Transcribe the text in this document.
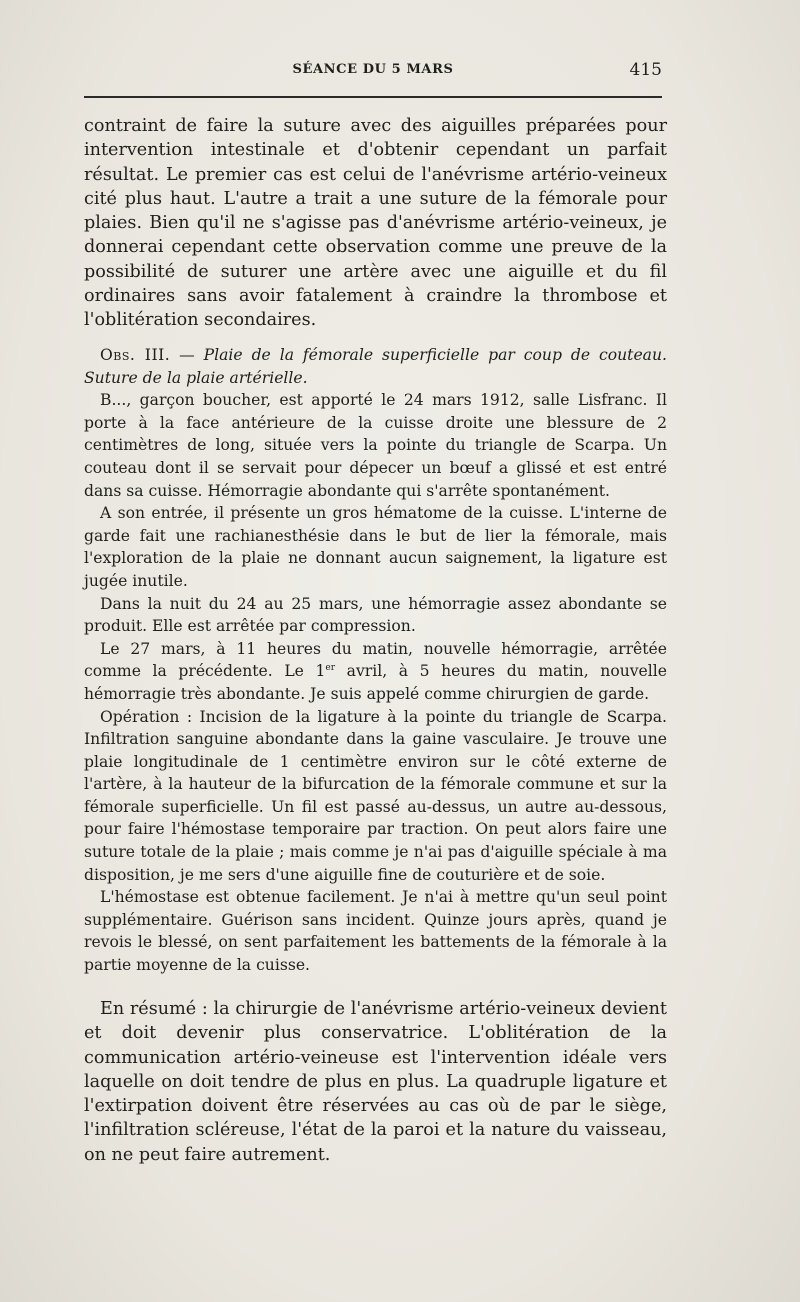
SÉANCE DU 5 MARS	415

contraint de faire la suture avec des aiguilles préparées pour intervention intestinale et d'obtenir cependant un parfait résultat. Le premier cas est celui de l'anévrisme artério-veineux cité plus haut. L'autre a trait a une suture de la fémorale pour plaies. Bien qu'il ne s'agisse pas d'anévrisme artério-veineux, je donnerai cependant cette observation comme une preuve de la possibilité de suturer une artère avec une aiguille et du fil ordinaires sans avoir fatalement à craindre la thrombose et l'oblitération secondaires.

Obs. III. — Plaie de la fémorale superficielle par coup de couteau. Suture de la plaie artérielle.

B..., garçon boucher, est apporté le 24 mars 1912, salle Lisfranc. Il porte à la face antérieure de la cuisse droite une blessure de 2 centimètres de long, située vers la pointe du triangle de Scarpa. Un couteau dont il se servait pour dépecer un bœuf a glissé et est entré dans sa cuisse. Hémorragie abondante qui s'arrête spontanément.

A son entrée, il présente un gros hématome de la cuisse. L'interne de garde fait une rachianesthésie dans le but de lier la fémorale, mais l'exploration de la plaie ne donnant aucun saignement, la ligature est jugée inutile.

Dans la nuit du 24 au 25 mars, une hémorragie assez abondante se produit. Elle est arrêtée par compression.

Le 27 mars, à 11 heures du matin, nouvelle hémorragie, arrêtée comme la précédente. Le 1er avril, à 5 heures du matin, nouvelle hémorragie très abondante. Je suis appelé comme chirurgien de garde.

Opération : Incision de la ligature à la pointe du triangle de Scarpa. Infiltration sanguine abondante dans la gaine vasculaire. Je trouve une plaie longitudinale de 1 centimètre environ sur le côté externe de l'artère, à la hauteur de la bifurcation de la fémorale commune et sur la fémorale superficielle. Un fil est passé au-dessus, un autre au-dessous, pour faire l'hémostase temporaire par traction. On peut alors faire une suture totale de la plaie ; mais comme je n'ai pas d'aiguille spéciale à ma disposition, je me sers d'une aiguille fine de couturière et de soie.

L'hémostase est obtenue facilement. Je n'ai à mettre qu'un seul point supplémentaire. Guérison sans incident. Quinze jours après, quand je revois le blessé, on sent parfaitement les battements de la fémorale à la partie moyenne de la cuisse.

En résumé : la chirurgie de l'anévrisme artério-veineux devient et doit devenir plus conservatrice. L'oblitération de la communication artério-veineuse est l'intervention idéale vers laquelle on doit tendre de plus en plus. La quadruple ligature et l'extirpation doivent être réservées au cas où de par le siège, l'infiltration scléreuse, l'état de la paroi et la nature du vaisseau, on ne peut faire autrement.
